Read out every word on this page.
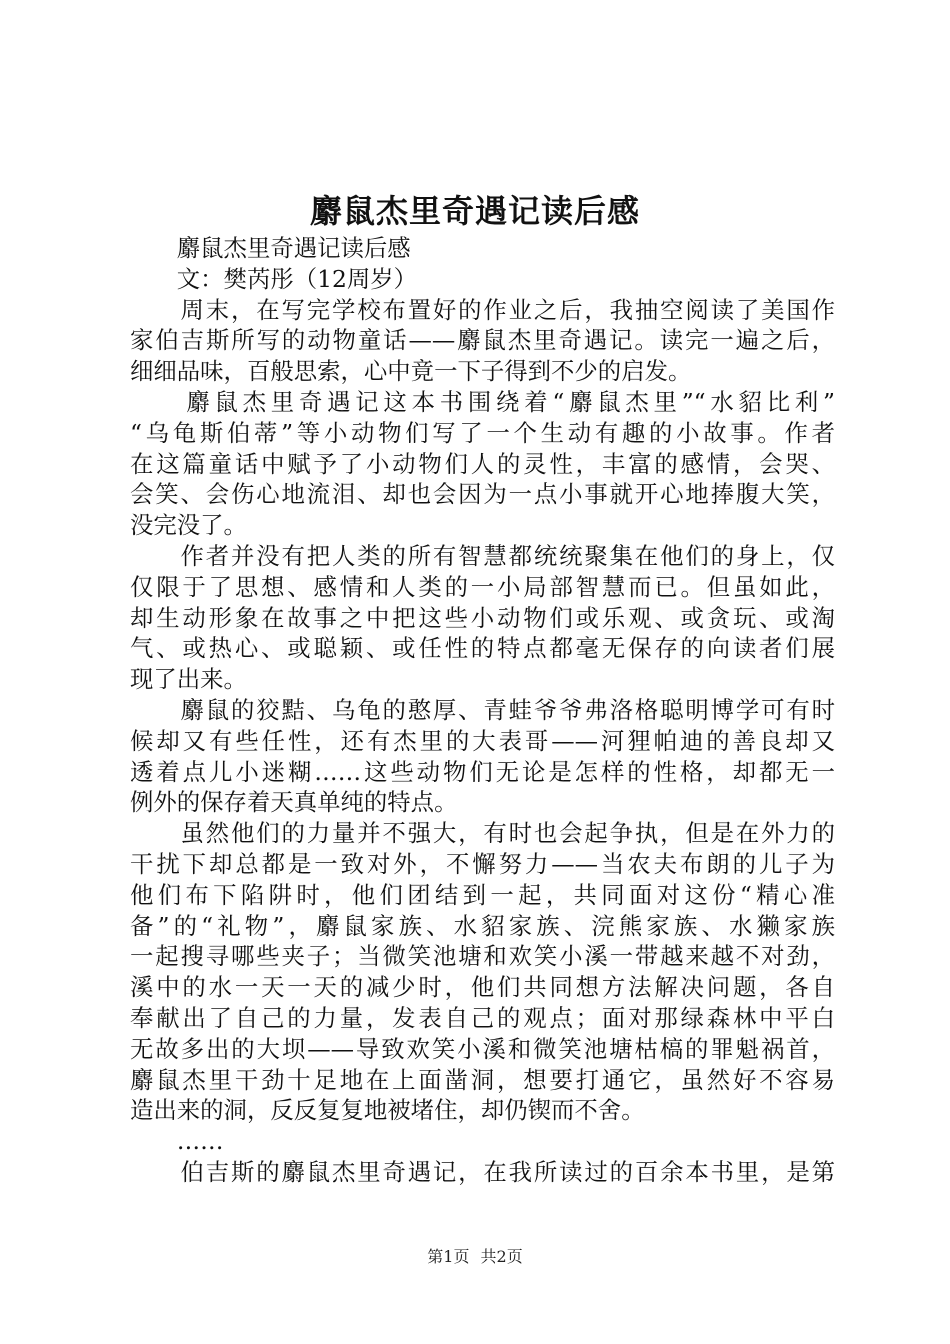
麝鼠杰里奇遇记读后感
　　麝鼠杰里奇遇记读后感
　　文：樊芮彤（12周岁）
　　周末，在写完学校布置好的作业之后，我抽空阅读了美国作
家伯吉斯所写的动物童话——麝鼠杰里奇遇记。读完一遍之后，
细细品味，百般思索，心中竟一下子得到不少的启发。
　　麝鼠杰里奇遇记这本书围绕着“麝鼠杰里”“水貂比利”
“乌龟斯伯蒂”等小动物们写了一个生动有趣的小故事。作者
在这篇童话中赋予了小动物们人的灵性，丰富的感情，会哭、
会笑、会伤心地流泪、却也会因为一点小事就开心地捧腹大笑，
没完没了。
　　作者并没有把人类的所有智慧都统统聚集在他们的身上，仅
仅限于了思想、感情和人类的一小局部智慧而已。但虽如此，
却生动形象在故事之中把这些小动物们或乐观、或贪玩、或淘
气、或热心、或聪颖、或任性的特点都毫无保存的向读者们展
现了出来。
　　麝鼠的狡黠、乌龟的憨厚、青蛙爷爷弗洛格聪明博学可有时
候却又有些任性，还有杰里的大表哥——河狸帕迪的善良却又
透着点儿小迷糊……这些动物们无论是怎样的性格，却都无一
例外的保存着天真单纯的特点。
　　虽然他们的力量并不强大，有时也会起争执，但是在外力的
干扰下却总都是一致对外，不懈努力——当农夫布朗的儿子为
他们布下陷阱时，他们团结到一起，共同面对这份“精心准
备”的“礼物”，麝鼠家族、水貂家族、浣熊家族、水獭家族
一起搜寻哪些夹子；当微笑池塘和欢笑小溪一带越来越不对劲，
溪中的水一天一天的减少时，他们共同想方法解决问题，各自
奉献出了自己的力量，发表自己的观点；面对那绿森林中平白
无故多出的大坝——导致欢笑小溪和微笑池塘枯槁的罪魁祸首，
麝鼠杰里干劲十足地在上面凿洞，想要打通它，虽然好不容易
造出来的洞，反反复复地被堵住，却仍锲而不舍。
　　……
　　伯吉斯的麝鼠杰里奇遇记，在我所读过的百余本书里，是第
第1页 共2页
